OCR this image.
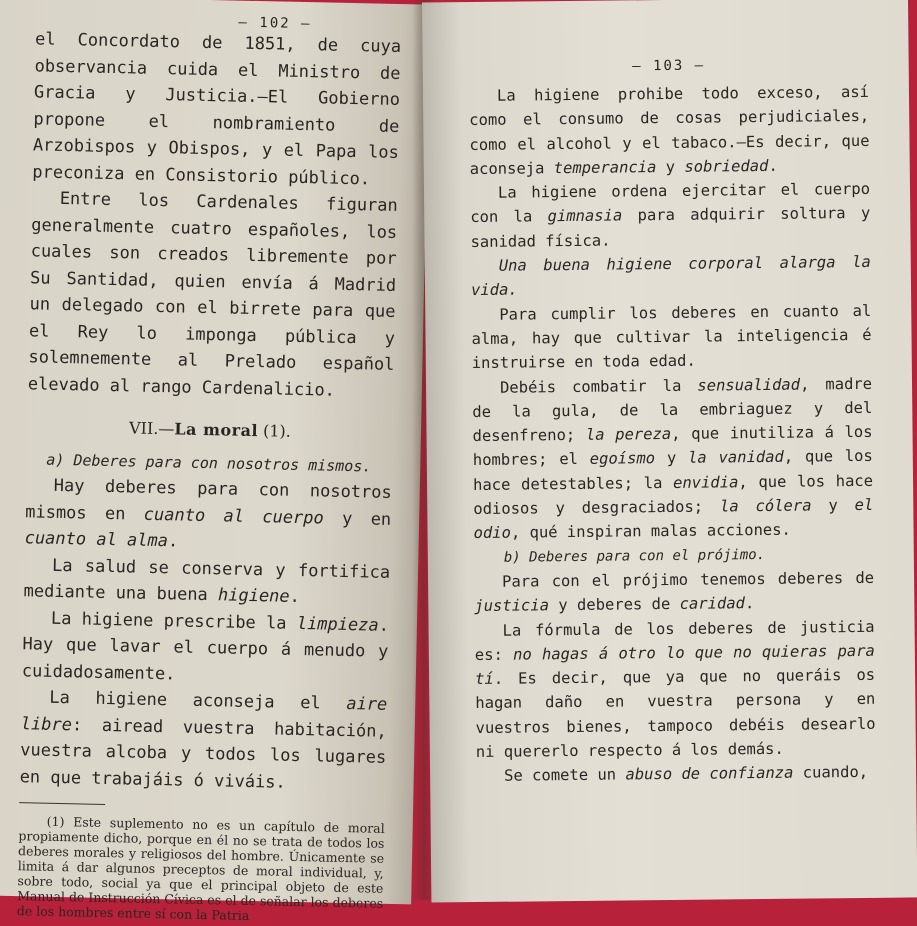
— 102 —

el Concordato de 1851, de cuya observancia cuida el Ministro de Gracia y Justicia.—El Gobierno propone el nombramiento de Arzobispos y Obispos, y el Papa los preconiza en Consistorio público.

Entre los Cardenales figuran generalmente cuatro españoles, los cuales son creados libremente por Su Santidad, quien envía á Madrid un delegado con el birrete para que el Rey lo imponga pública y solemnemente al Prelado español elevado al rango Cardenalicio.

VII.—La moral (1).

a) Deberes para con nosotros mismos.

Hay deberes para con nosotros mismos en cuanto al cuerpo y en cuanto al alma.

La salud se conserva y fortifica mediante una buena higiene.

La higiene prescribe la limpieza. Hay que lavar el cuerpo á menudo y cuidadosamente.

La higiene aconseja el aire libre: airead vuestra habitación, vuestra alcoba y todos los lugares en que trabajáis ó viváis.

(1) Este suplemento no es un capítulo de moral propiamente dicho, porque en él no se trata de todos los deberes morales y religiosos del hombre. Únicamente se limita á dar algunos preceptos de moral individual, y, sobre todo, social ya que el principal objeto de este Manual de Instrucción Cívica es el de señalar los deberes de los hombres entre sí con la Patria

— 103 —

La higiene prohibe todo exceso, así como el consumo de cosas perjudiciales, como el alcohol y el tabaco.—Es decir, que aconseja temperancia y sobriedad.

La higiene ordena ejercitar el cuerpo con la gimnasia para adquirir soltura y sanidad física.

Una buena higiene corporal alarga la vida.

Para cumplir los deberes en cuanto al alma, hay que cultivar la inteligencia é instruirse en toda edad.

Debéis combatir la sensualidad, madre de la gula, de la embriaguez y del desenfreno; la pereza, que inutiliza á los hombres; el egoísmo y la vanidad, que los hace detestables; la envidia, que los hace odiosos y desgraciados; la cólera y el odio, qué inspiran malas acciones.

b) Deberes para con el prójimo.

Para con el prójimo tenemos deberes de justicia y deberes de caridad.

La fórmula de los deberes de justicia es: no hagas á otro lo que no quieras para tí. Es decir, que ya que no queráis os hagan daño en vuestra persona y en vuestros bienes, tampoco debéis desearlo ni quererlo respecto á los demás.

Se comete un abuso de confianza cuando,
